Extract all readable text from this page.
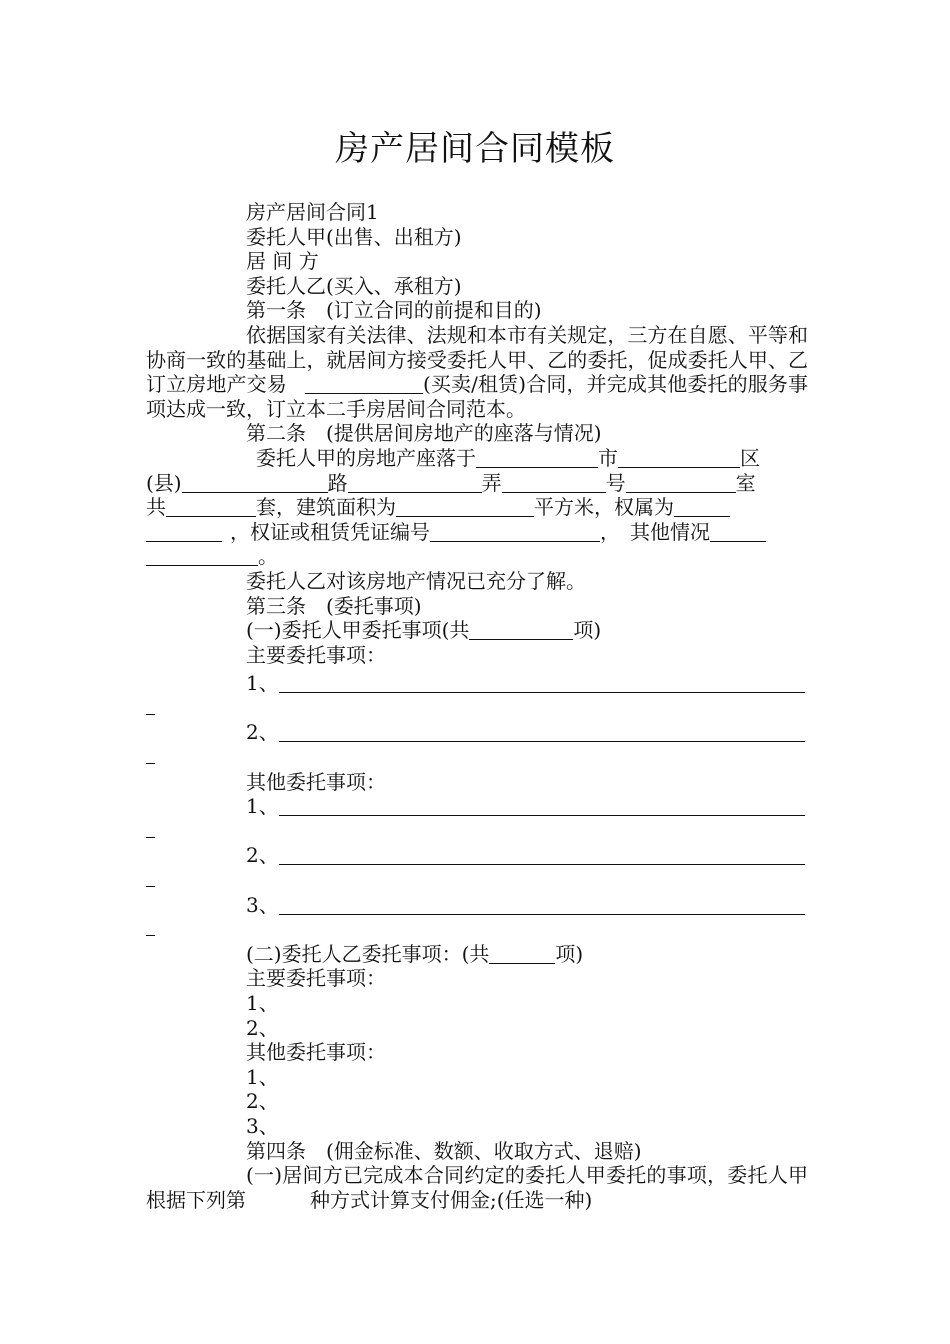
房产居间合同模板
房产居间合同1
委托人甲(出售、出租方)
居 间 方
委托人乙(买入、承租方)
第一条　(订立合同的前提和目的)
依据国家有关法律、法规和本市有关规定，三方在自愿、平等和协商一致的基础上，就居间方接受委托人甲、乙的委托，促成委托人甲、乙订立房地产交易	(买卖/租赁)合同，并完成其他委托的服务事项达成一致，订立本二手房居间合同范本。
第二条　(提供居间房地产的座落与情况)
委托人甲的房地产座落于	市	区
(县)	路	弄	号	室
共	套，建筑面积为	平方米，权属为
，权证或租赁凭证编号	，　其他情况
。
委托人乙对该房地产情况已充分了解。
第三条　(委托事项)
(一)委托人甲委托事项(共	项)
主要委托事项：
1、
2、
其他委托事项：
1、
2、
3、
(二)委托人乙委托事项：(共	项)
主要委托事项：
1、
2、
其他委托事项：
1、
2、
3、
第四条　(佣金标准、数额、收取方式、退赔)
(一)居间方已完成本合同约定的委托人甲委托的事项，委托人甲根据下列第	种方式计算支付佣金;(任选一种)
